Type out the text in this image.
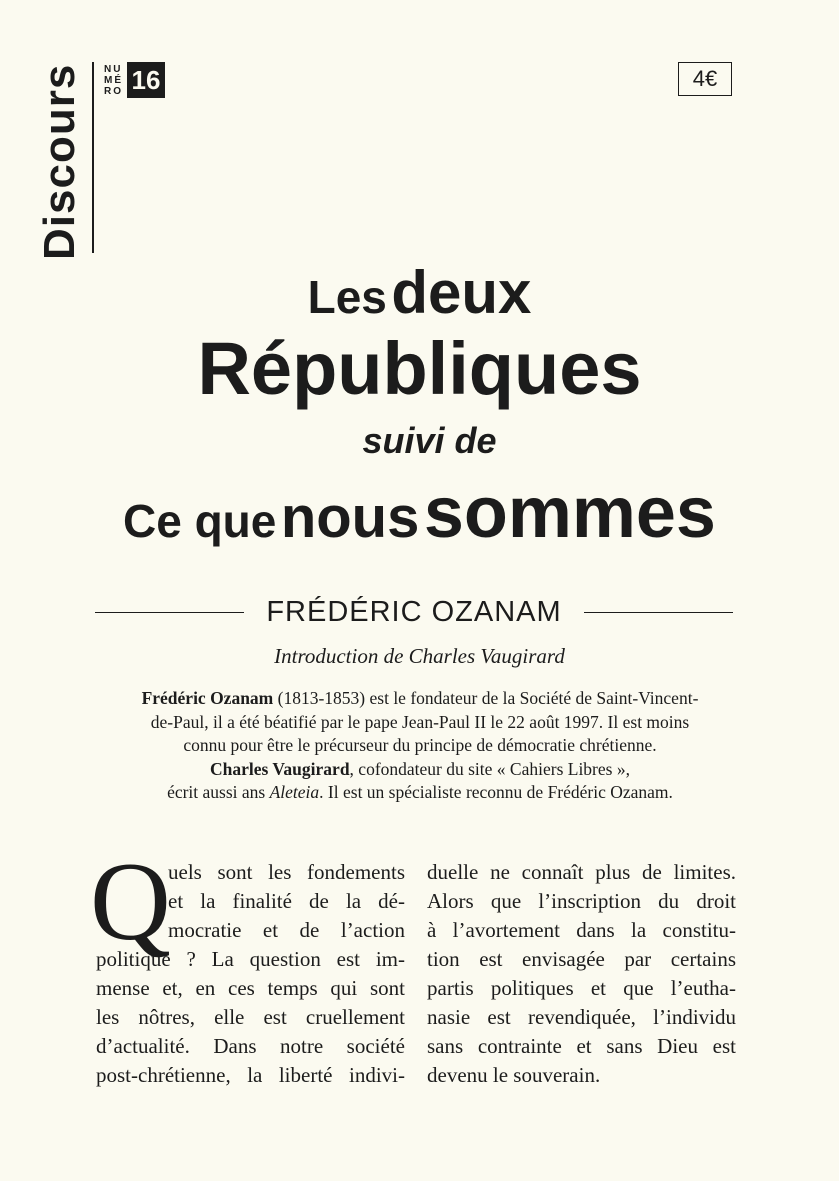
Discours NU
MÉ
RO 16	4€
Les deux
Républiques
suivi de
Ce que nous sommes
FRÉDÉRIC OZANAM
Introduction de Charles Vaugirard
Frédéric Ozanam (1813-1853) est le fondateur de la Société de Saint-Vincent-
de-Paul, il a été béatifié par le pape Jean-Paul II le 22 août 1997. Il est moins
connu pour être le précurseur du principe de démocratie chrétienne.
Charles Vaugirard, cofondateur du site « Cahiers Libres »,
écrit aussi ans Aleteia. Il est un spécialiste reconnu de Frédéric Ozanam.
Q
uels sont les fondements
et la finalité de la dé-
mocratie et de l’action
politique ? La question est im-
mense et, en ces temps qui sont
les nôtres, elle est cruellement
d’actualité. Dans notre société
post-chrétienne, la liberté indivi-
duelle ne connaît plus de limites.
Alors que l’inscription du droit
à l’avortement dans la constitu-
tion est envisagée par certains
partis politiques et que l’eutha-
nasie est revendiquée, l’individu
sans contrainte et sans Dieu est
devenu le souverain.
